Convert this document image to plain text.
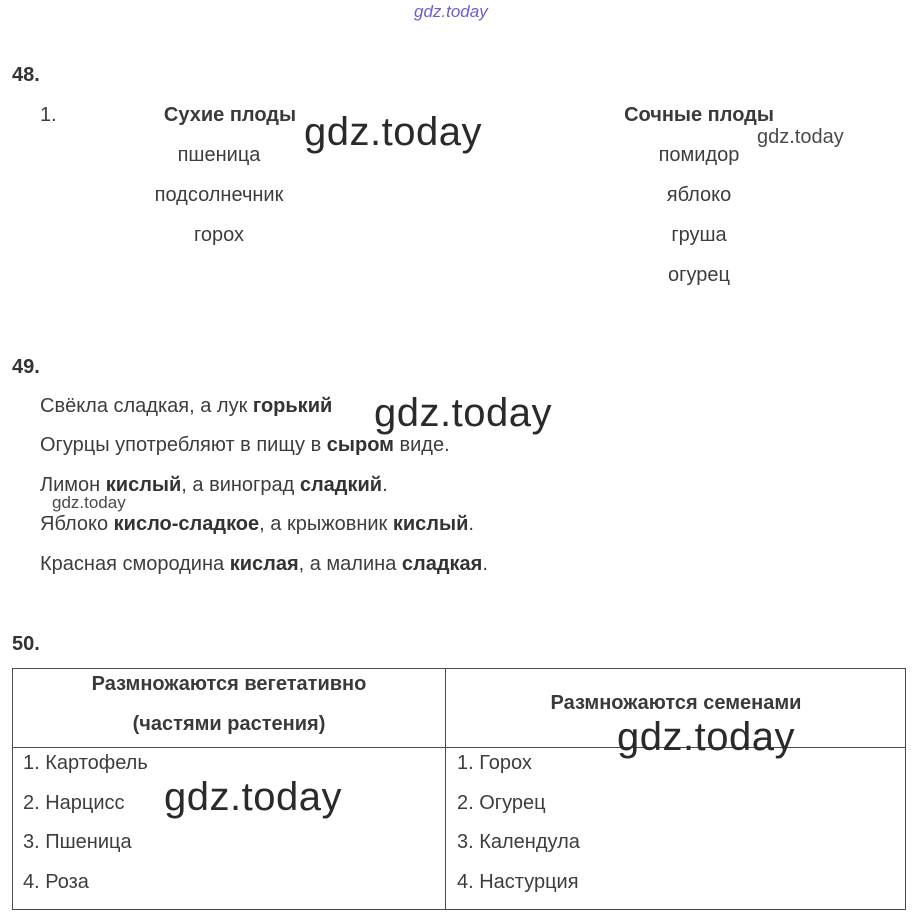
gdz.today
48.
1.	Сухие плоды
пшеница
подсолнечник
горох
Сочные плоды
помидор
яблоко
груша
огурец
gdz.today	gdz.today
49.
Свёкла сладкая, а лук горький
Огурцы употребляют в пищу в сыром виде.
Лимон кислый, а виноград сладкий.
Яблоко кисло-сладкое, а крыжовник кислый.
Красная смородина кислая, а малина сладкая.
gdz.today
gdz.today
50.
Размножаются вегетативно
(частями растения)
Размножаются семенами
1. Картофель
2. Нарцисс
3. Пшеница
4. Роза
1. Горох
2. Огурец
3. Календула
4. Настурция
gdz.today
gdz.today
